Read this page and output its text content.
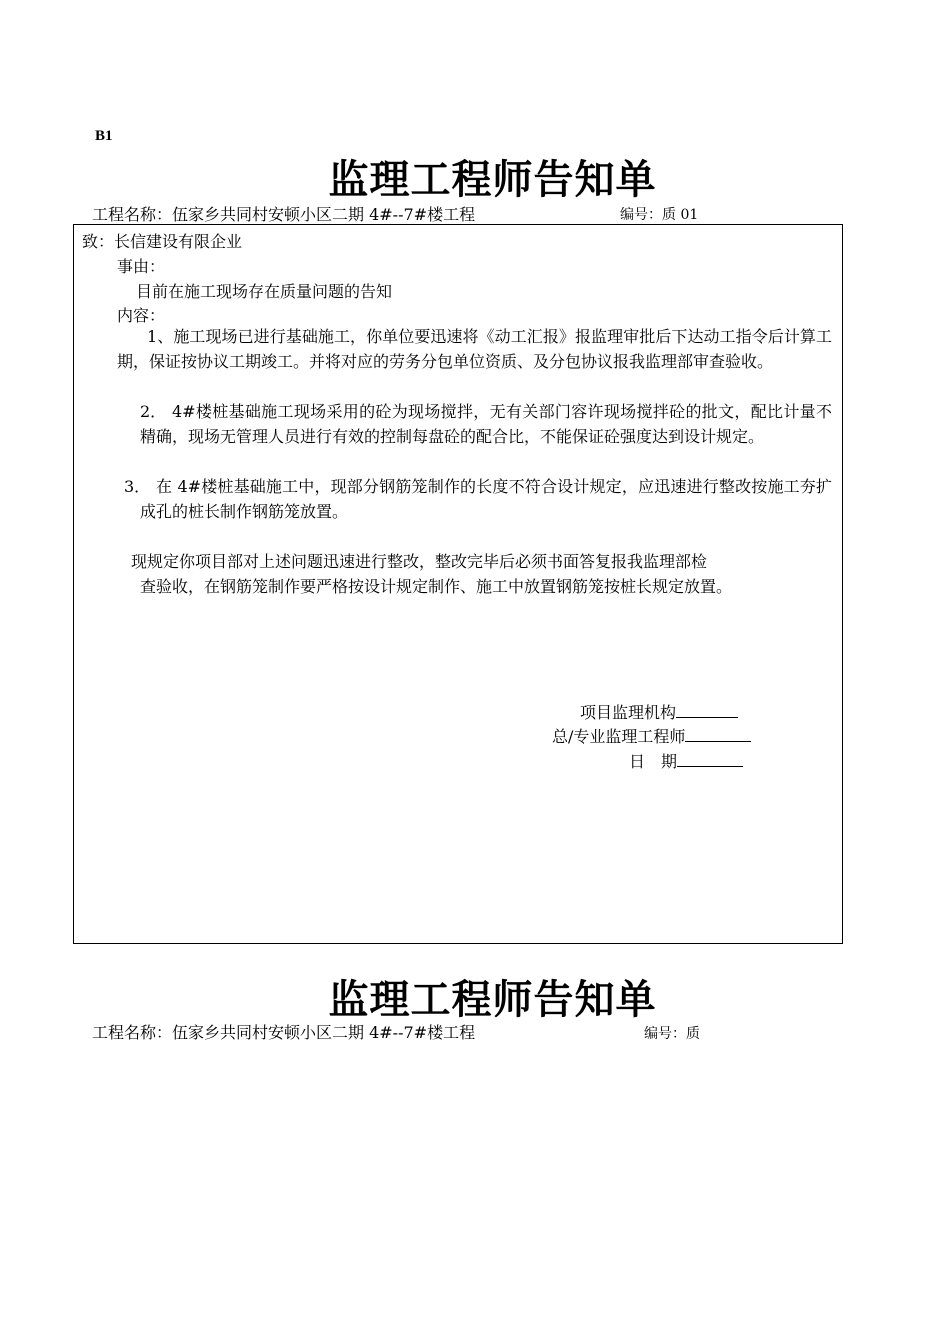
B1
监理工程师告知单
工程名称：伍家乡共同村安顿小区二期 4#--7#楼工程	编号：质 01
致：长信建设有限企业
事由：
目前在施工现场存在质量问题的告知
内容：
1、施工现场已进行基础施工，你单位要迅速将《动工汇报》报监理审批后下达动工指令后计算工期，保证按协议工期竣工。并将对应的劳务分包单位资质、及分包协议报我监理部审查验收。
2． 4#楼桩基础施工现场采用的砼为现场搅拌，无有关部门容许现场搅拌砼的批文，配比计量不精确，现场无管理人员进行有效的控制每盘砼的配合比，不能保证砼强度达到设计规定。
3． 在 4#楼桩基础施工中，现部分钢筋笼制作的长度不符合设计规定，应迅速进行整改按施工夯扩成孔的桩长制作钢筋笼放置。
现规定你项目部对上述问题迅速进行整改，整改完毕后必须书面答复报我监理部检
查验收，在钢筋笼制作要严格按设计规定制作、施工中放置钢筋笼按桩长规定放置。
项目监理机构
总/专业监理工程师
日　期
监理工程师告知单
工程名称：伍家乡共同村安顿小区二期 4#--7#楼工程	编号：质
